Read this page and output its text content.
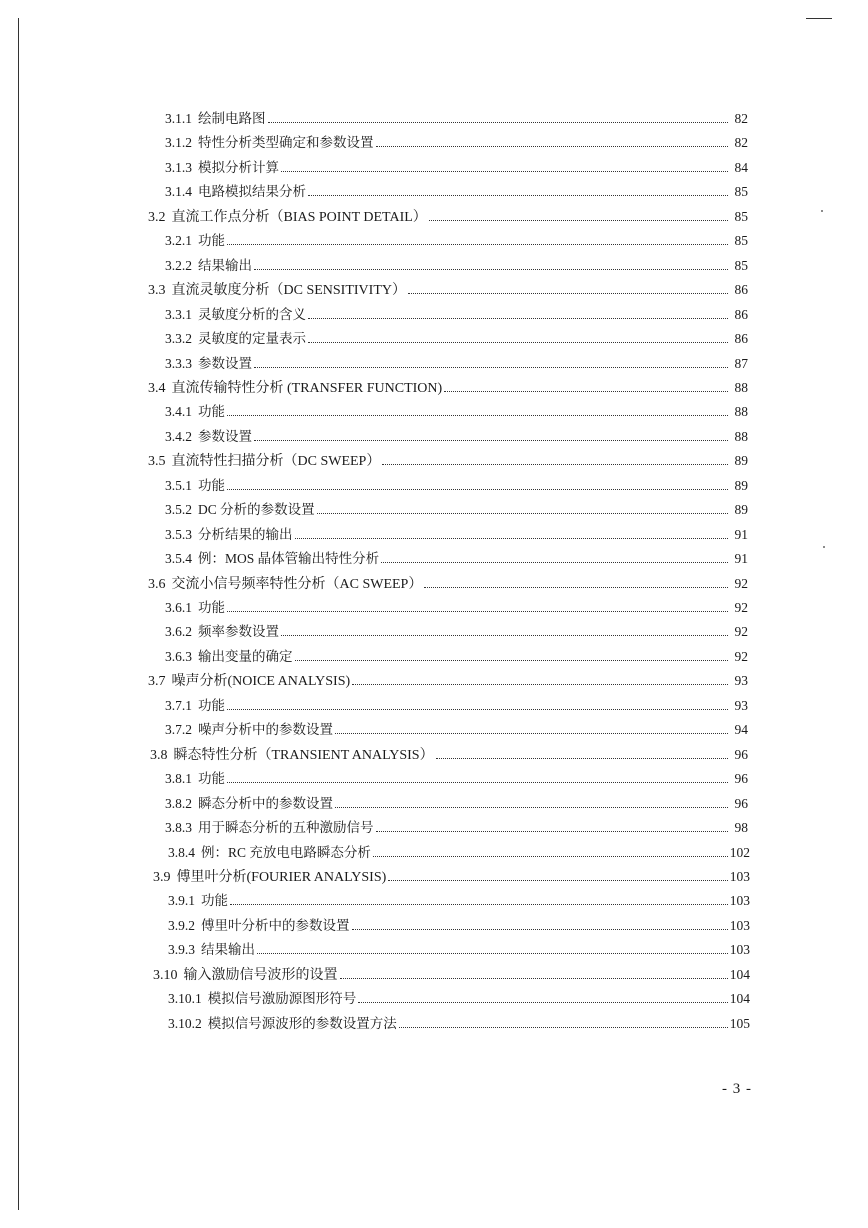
3.1.1 绘制电路图	82
3.1.2 特性分析类型确定和参数设置	82
3.1.3 模拟分析计算	84
3.1.4 电路模拟结果分析	85
3.2 直流工作点分析（BIAS POINT DETAIL）	85
3.2.1 功能	85
3.2.2 结果输出	85
3.3 直流灵敏度分析（DC SENSITIVITY）	86
3.3.1 灵敏度分析的含义	86
3.3.2 灵敏度的定量表示	86
3.3.3 参数设置	87
3.4 直流传输特性分析 (TRANSFER FUNCTION)	88
3.4.1 功能	88
3.4.2 参数设置	88
3.5 直流特性扫描分析（DC SWEEP）	89
3.5.1 功能	89
3.5.2 DC 分析的参数设置	89
3.5.3 分析结果的输出	91
3.5.4 例：MOS 晶体管输出特性分析	91
3.6 交流小信号频率特性分析（AC SWEEP）	92
3.6.1 功能	92
3.6.2 频率参数设置	92
3.6.3 输出变量的确定	92
3.7 噪声分析(NOICE ANALYSIS)	93
3.7.1 功能	93
3.7.2 噪声分析中的参数设置	94
3.8 瞬态特性分析（TRANSIENT ANALYSIS）	96
3.8.1 功能	96
3.8.2 瞬态分析中的参数设置	96
3.8.3 用于瞬态分析的五种激励信号	98
3.8.4 例：RC 充放电电路瞬态分析	102
3.9 傅里叶分析(FOURIER ANALYSIS)	103
3.9.1 功能	103
3.9.2 傅里叶分析中的参数设置	103
3.9.3 结果输出	103
3.10 输入激励信号波形的设置	104
3.10.1 模拟信号激励源图形符号	104
3.10.2 模拟信号源波形的参数设置方法	105
- 3 -
